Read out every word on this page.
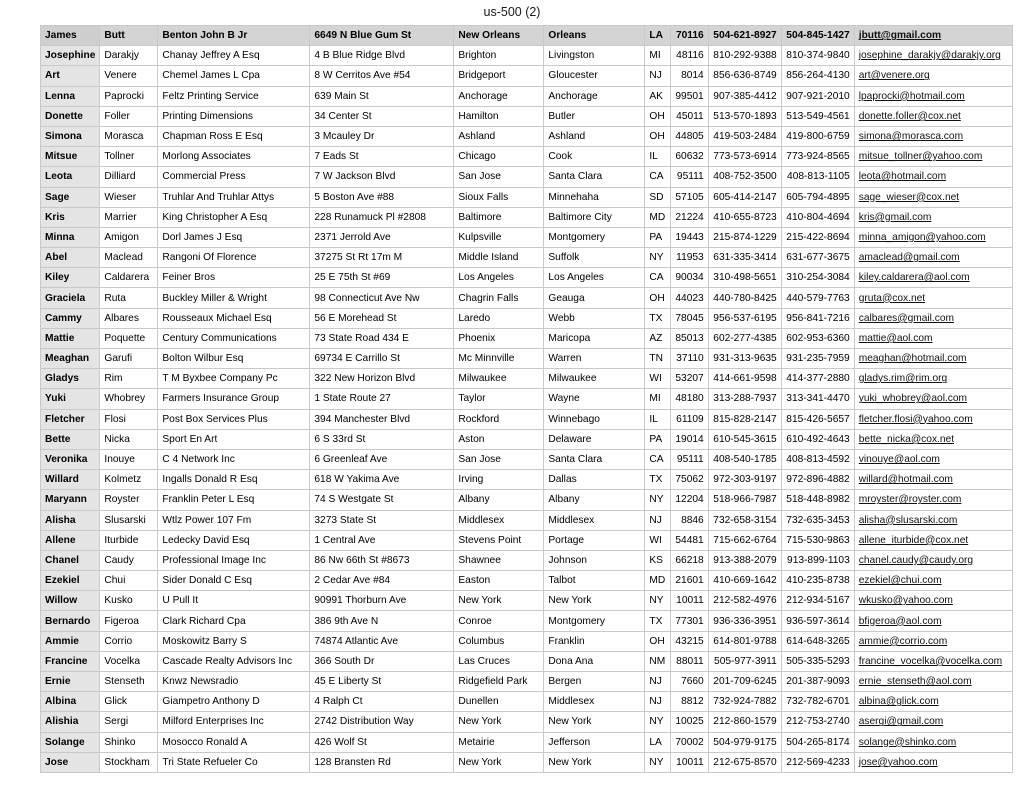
us-500 (2)
James	Butt	Benton John B Jr	6649 N Blue Gum St	New Orleans	Orleans	LA	70116	504-621-8927	504-845-1427	jbutt@gmail.com
Josephine	Darakjy	Chanay Jeffrey A Esq	4 B Blue Ridge Blvd	Brighton	Livingston	MI	48116	810-292-9388	810-374-9840	josephine_darakjy@darakjy.org
Art	Venere	Chemel James L Cpa	8 W Cerritos Ave #54	Bridgeport	Gloucester	NJ	8014	856-636-8749	856-264-4130	art@venere.org
Lenna	Paprocki	Feltz Printing Service	639 Main St	Anchorage	Anchorage	AK	99501	907-385-4412	907-921-2010	lpaprocki@hotmail.com
Donette	Foller	Printing Dimensions	34 Center St	Hamilton	Butler	OH	45011	513-570-1893	513-549-4561	donette.foller@cox.net
Simona	Morasca	Chapman Ross E Esq	3 Mcauley Dr	Ashland	Ashland	OH	44805	419-503-2484	419-800-6759	simona@morasca.com
Mitsue	Tollner	Morlong Associates	7 Eads St	Chicago	Cook	IL	60632	773-573-6914	773-924-8565	mitsue_tollner@yahoo.com
Leota	Dilliard	Commercial Press	7 W Jackson Blvd	San Jose	Santa Clara	CA	95111	408-752-3500	408-813-1105	leota@hotmail.com
Sage	Wieser	Truhlar And Truhlar Attys	5 Boston Ave #88	Sioux Falls	Minnehaha	SD	57105	605-414-2147	605-794-4895	sage_wieser@cox.net
Kris	Marrier	King Christopher A Esq	228 Runamuck Pl #2808	Baltimore	Baltimore City	MD	21224	410-655-8723	410-804-4694	kris@gmail.com
Minna	Amigon	Dorl James J Esq	2371 Jerrold Ave	Kulpsville	Montgomery	PA	19443	215-874-1229	215-422-8694	minna_amigon@yahoo.com
Abel	Maclead	Rangoni Of Florence	37275 St Rt 17m M	Middle Island	Suffolk	NY	11953	631-335-3414	631-677-3675	amaclead@gmail.com
Kiley	Caldarera	Feiner Bros	25 E 75th St #69	Los Angeles	Los Angeles	CA	90034	310-498-5651	310-254-3084	kiley.caldarera@aol.com
Graciela	Ruta	Buckley Miller & Wright	98 Connecticut Ave Nw	Chagrin Falls	Geauga	OH	44023	440-780-8425	440-579-7763	gruta@cox.net
Cammy	Albares	Rousseaux Michael Esq	56 E Morehead St	Laredo	Webb	TX	78045	956-537-6195	956-841-7216	calbares@gmail.com
Mattie	Poquette	Century Communications	73 State Road 434 E	Phoenix	Maricopa	AZ	85013	602-277-4385	602-953-6360	mattie@aol.com
Meaghan	Garufi	Bolton Wilbur Esq	69734 E Carrillo St	Mc Minnville	Warren	TN	37110	931-313-9635	931-235-7959	meaghan@hotmail.com
Gladys	Rim	T M Byxbee Company Pc	322 New Horizon Blvd	Milwaukee	Milwaukee	WI	53207	414-661-9598	414-377-2880	gladys.rim@rim.org
Yuki	Whobrey	Farmers Insurance Group	1 State Route 27	Taylor	Wayne	MI	48180	313-288-7937	313-341-4470	yuki_whobrey@aol.com
Fletcher	Flosi	Post Box Services Plus	394 Manchester Blvd	Rockford	Winnebago	IL	61109	815-828-2147	815-426-5657	fletcher.flosi@yahoo.com
Bette	Nicka	Sport En Art	6 S 33rd St	Aston	Delaware	PA	19014	610-545-3615	610-492-4643	bette_nicka@cox.net
Veronika	Inouye	C 4 Network Inc	6 Greenleaf Ave	San Jose	Santa Clara	CA	95111	408-540-1785	408-813-4592	vinouye@aol.com
Willard	Kolmetz	Ingalls Donald R Esq	618 W Yakima Ave	Irving	Dallas	TX	75062	972-303-9197	972-896-4882	willard@hotmail.com
Maryann	Royster	Franklin Peter L Esq	74 S Westgate St	Albany	Albany	NY	12204	518-966-7987	518-448-8982	mroyster@royster.com
Alisha	Slusarski	Wtlz Power 107 Fm	3273 State St	Middlesex	Middlesex	NJ	8846	732-658-3154	732-635-3453	alisha@slusarski.com
Allene	Iturbide	Ledecky David Esq	1 Central Ave	Stevens Point	Portage	WI	54481	715-662-6764	715-530-9863	allene_iturbide@cox.net
Chanel	Caudy	Professional Image Inc	86 Nw 66th St #8673	Shawnee	Johnson	KS	66218	913-388-2079	913-899-1103	chanel.caudy@caudy.org
Ezekiel	Chui	Sider Donald C Esq	2 Cedar Ave #84	Easton	Talbot	MD	21601	410-669-1642	410-235-8738	ezekiel@chui.com
Willow	Kusko	U Pull It	90991 Thorburn Ave	New York	New York	NY	10011	212-582-4976	212-934-5167	wkusko@yahoo.com
Bernardo	Figeroa	Clark Richard Cpa	386 9th Ave N	Conroe	Montgomery	TX	77301	936-336-3951	936-597-3614	bfigeroa@aol.com
Ammie	Corrio	Moskowitz Barry S	74874 Atlantic Ave	Columbus	Franklin	OH	43215	614-801-9788	614-648-3265	ammie@corrio.com
Francine	Vocelka	Cascade Realty Advisors Inc	366 South Dr	Las Cruces	Dona Ana	NM	88011	505-977-3911	505-335-5293	francine_vocelka@vocelka.com
Ernie	Stenseth	Knwz Newsradio	45 E Liberty St	Ridgefield Park	Bergen	NJ	7660	201-709-6245	201-387-9093	ernie_stenseth@aol.com
Albina	Glick	Giampetro Anthony D	4 Ralph Ct	Dunellen	Middlesex	NJ	8812	732-924-7882	732-782-6701	albina@glick.com
Alishia	Sergi	Milford Enterprises Inc	2742 Distribution Way	New York	New York	NY	10025	212-860-1579	212-753-2740	asergi@gmail.com
Solange	Shinko	Mosocco Ronald A	426 Wolf St	Metairie	Jefferson	LA	70002	504-979-9175	504-265-8174	solange@shinko.com
Jose	Stockham	Tri State Refueler Co	128 Bransten Rd	New York	New York	NY	10011	212-675-8570	212-569-4233	jose@yahoo.com
